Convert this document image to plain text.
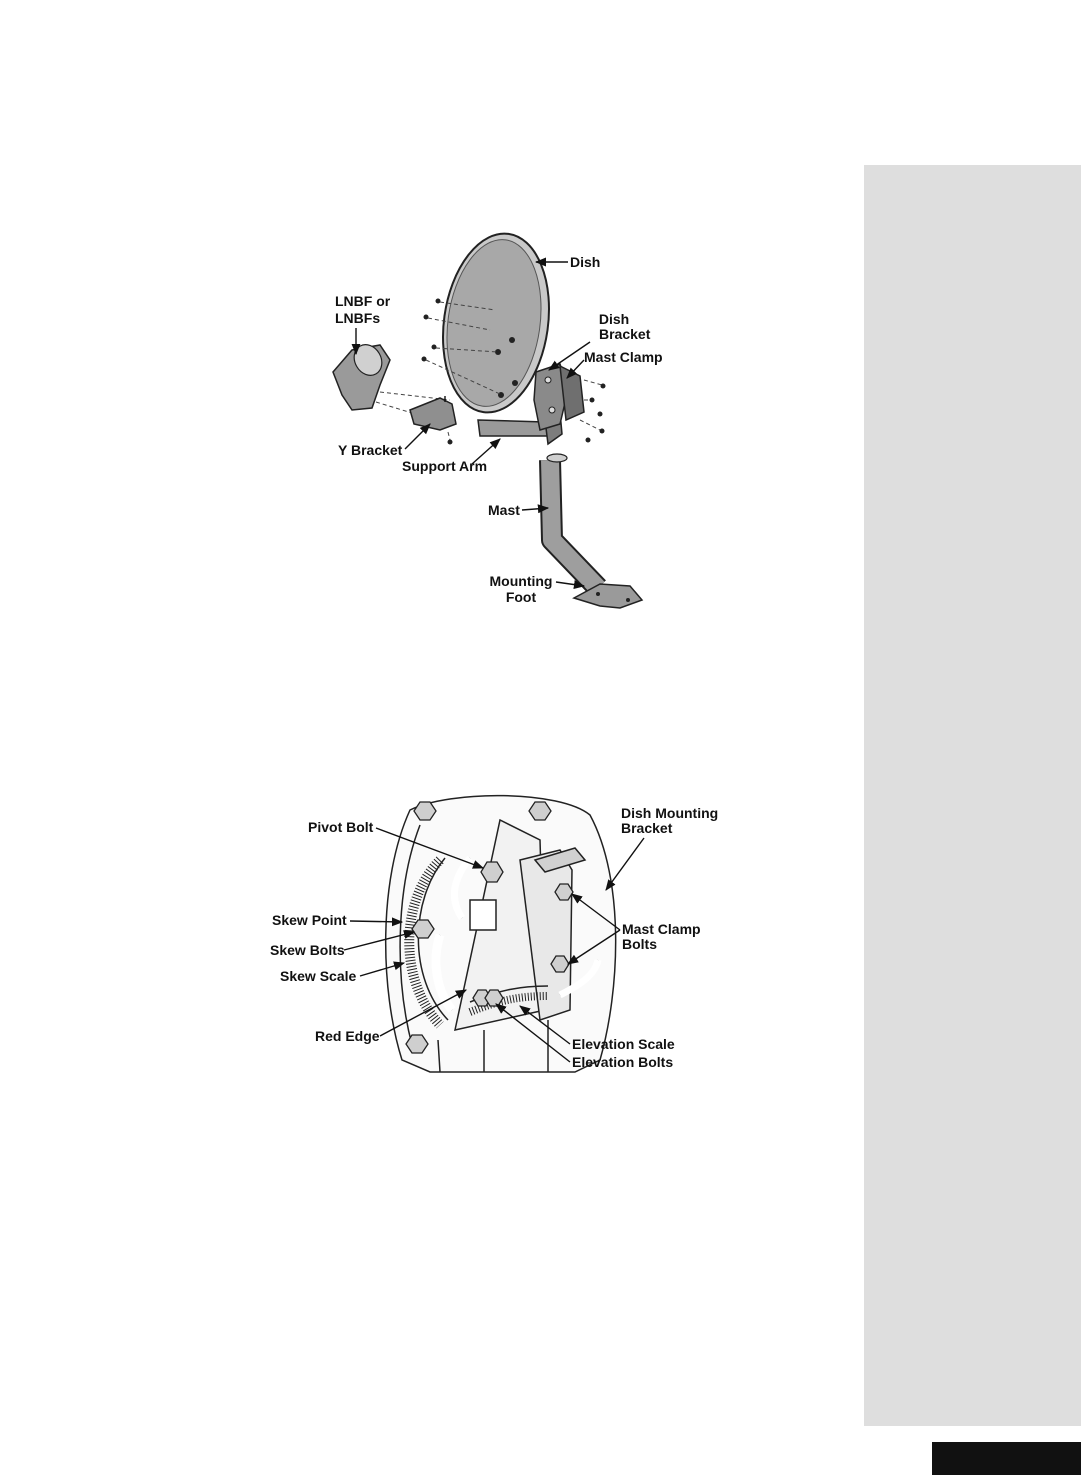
Dish
LNBF or
LNBFs	Dish
Bracket
Mast Clamp
Y Bracket
Support Arm
Mast
Mounting
Foot
Pivot Bolt
Dish Mounting
Bracket
Skew Point
Skew Bolts
Skew Scale
Mast Clamp
Bolts
Red Edge	Elevation Scale
Elevation Bolts
